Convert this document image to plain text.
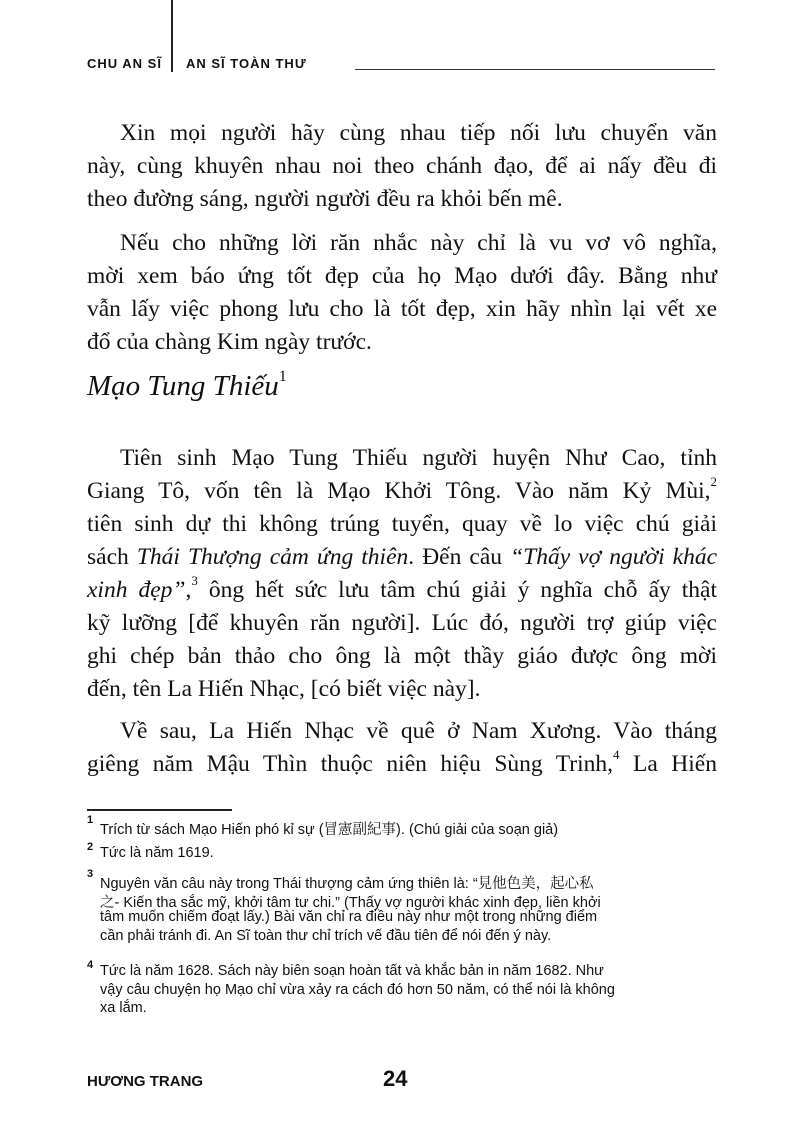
CHU AN SĨ AN SĨ TOÀN THƯ
Xin mọi người hãy cùng nhau tiếp nối lưu chuyển văn
này, cùng khuyên nhau noi theo chánh đạo, để ai nấy đều đi
theo đường sáng, người người đều ra khỏi bến mê.
Nếu cho những lời răn nhắc này chỉ là vu vơ vô nghĩa,
mời xem báo ứng tốt đẹp của họ Mạo dưới đây. Bằng như
vẫn lấy việc phong lưu cho là tốt đẹp, xin hãy nhìn lại vết xe
đổ của chàng Kim ngày trước.
Mạo Tung Thiếu$^1$
Tiên sinh Mạo Tung Thiếu người huyện Như Cao, tỉnh
Giang Tô, vốn tên là Mạo Khởi Tông. Vào năm Kỷ Mùi,$^2$
tiên sinh dự thi không trúng tuyển, quay về lo việc chú giải
sách Thái Thượng cảm ứng thiên. Đến câu “Thấy vợ người khác
xinh đẹp”,$^3$ ông hết sức lưu tâm chú giải ý nghĩa chỗ ấy thật
kỹ lưỡng [để khuyên răn người]. Lúc đó, người trợ giúp việc
ghi chép bản thảo cho ông là một thầy giáo được ông mời
đến, tên La Hiến Nhạc, [có biết việc này].
Về sau, La Hiến Nhạc về quê ở Nam Xương. Vào tháng
giêng năm Mậu Thìn thuộc niên hiệu Sùng Trinh,$^4$ La Hiến
1
Trích từ sách Mạo Hiến phó kỉ sự (冒憲副紀事). (Chú giải của soạn giả)
2 Tức là năm 1619.
3
Nguyên văn câu này trong Thái thượng cảm ứng thiên là: “見他色美，起心私
之- Kiến tha sắc mỹ, khởi tâm tư chi.” (Thấy vợ người khác xinh đẹp, liền khởi
tâm muốn chiếm đoạt lấy.) Bài văn chỉ ra điều này như một trong những điểm
cần phải tránh đi. An Sĩ toàn thư chỉ trích vế đầu tiên để nói đến ý này.
4 Tức là năm 1628. Sách này biên soạn hoàn tất và khắc bản in năm 1682. Như
vậy câu chuyện họ Mạo chỉ vừa xảy ra cách đó hơn 50 năm, có thể nói là không
xa lắm.
HƯƠNG TRANG	24
